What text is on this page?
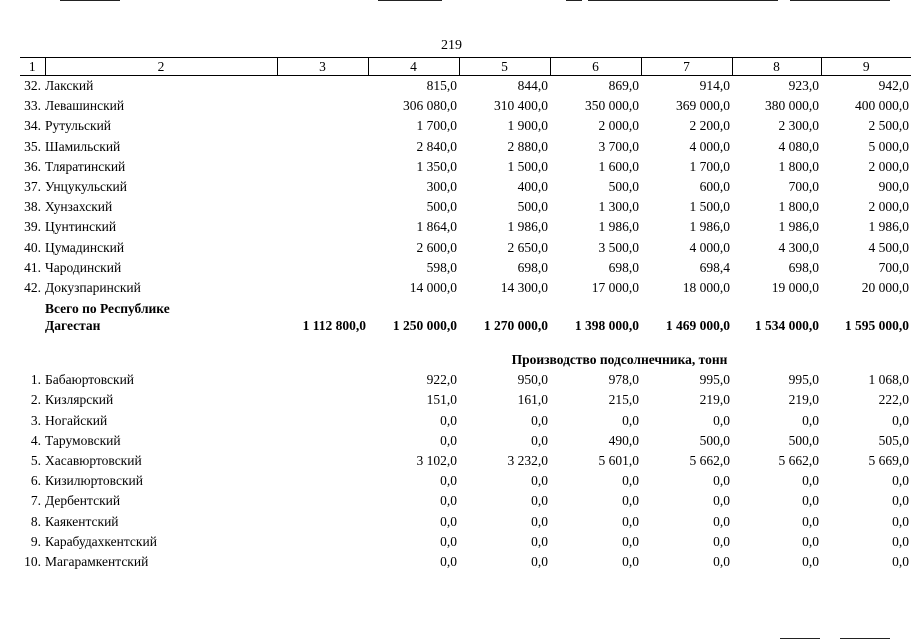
219
1	2	3	4	5	6	7	8	9
32.	Лакский		815,0	844,0	869,0	914,0	923,0	942,0
33.	Левашинский		306 080,0	310 400,0	350 000,0	369 000,0	380 000,0	400 000,0
34.	Рутульский		1 700,0	1 900,0	2 000,0	2 200,0	2 300,0	2 500,0
35.	Шамильский		2 840,0	2 880,0	3 700,0	4 000,0	4 080,0	5 000,0
36.	Тляратинский		1 350,0	1 500,0	1 600,0	1 700,0	1 800,0	2 000,0
37.	Унцукульский		300,0	400,0	500,0	600,0	700,0	900,0
38.	Хунзахский		500,0	500,0	1 300,0	1 500,0	1 800,0	2 000,0
39.	Цунтинский		1 864,0	1 986,0	1 986,0	1 986,0	1 986,0	1 986,0
40.	Цумадинский		2 600,0	2 650,0	3 500,0	4 000,0	4 300,0	4 500,0
41.	Чародинский		598,0	698,0	698,0	698,4	698,0	700,0
42.	Докузпаринский		14 000,0	14 300,0	17 000,0	18 000,0	19 000,0	20 000,0
	Всего по Республике
Дагестан	1 112 800,0	1 250 000,0	1 270 000,0	1 398 000,0	1 469 000,0	1 534 000,0	1 595 000,0
			Производство подсолнечника, тонн					
1.	Бабаюртовский		922,0	950,0	978,0	995,0	995,0	1 068,0
2.	Кизлярский		151,0	161,0	215,0	219,0	219,0	222,0
3.	Ногайский		0,0	0,0	0,0	0,0	0,0	0,0
4.	Тарумовский		0,0	0,0	490,0	500,0	500,0	505,0
5.	Хасавюртовский		3 102,0	3 232,0	5 601,0	5 662,0	5 662,0	5 669,0
6.	Кизилюртовский		0,0	0,0	0,0	0,0	0,0	0,0
7.	Дербентский		0,0	0,0	0,0	0,0	0,0	0,0
8.	Каякентский		0,0	0,0	0,0	0,0	0,0	0,0
9.	Карабудахкентский		0,0	0,0	0,0	0,0	0,0	0,0
10.	Магарамкентский		0,0	0,0	0,0	0,0	0,0	0,0
